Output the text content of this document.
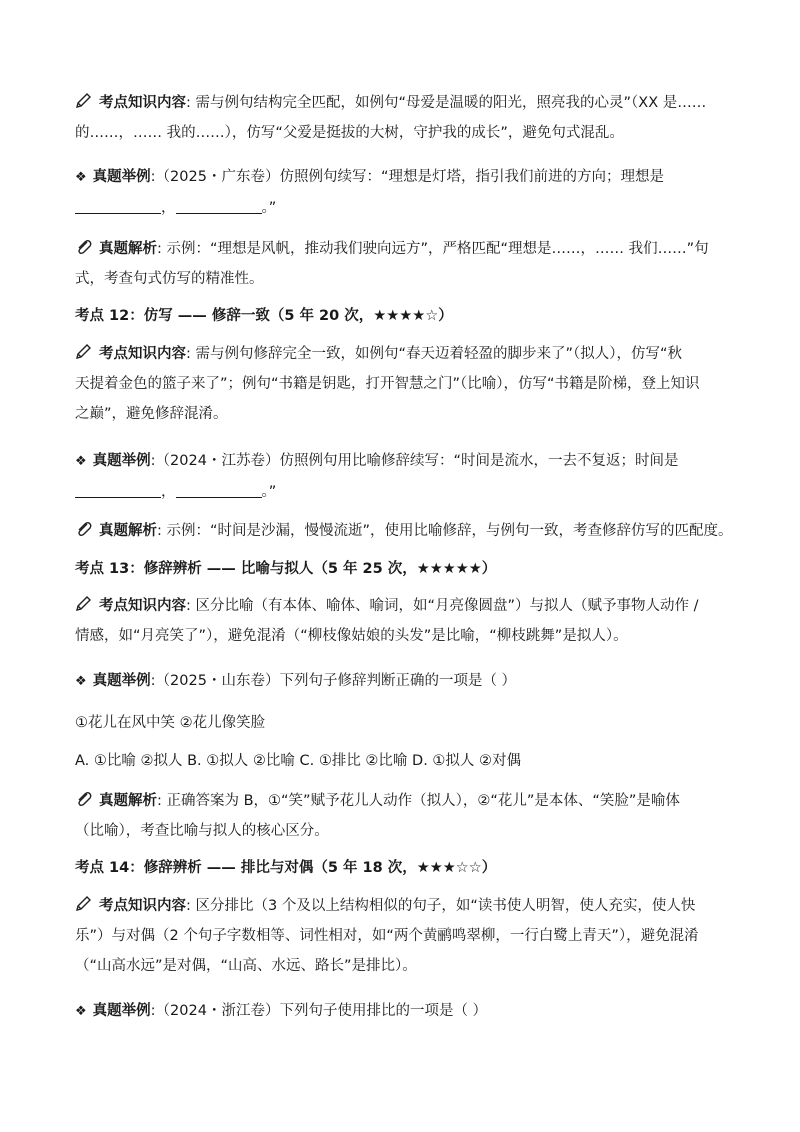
考点知识内容: 需与例句结构完全匹配，如例句“母爱是温暖的阳光，照亮我的心灵”（XX 是……
的……，…… 我的……），仿写“父爱是挺拔的大树，守护我的成长”，避免句式混乱。
❖ 真题举例:（2025・广东卷）仿照例句续写：“理想是灯塔，指引我们前进的方向；理想是
，	。”
真题解析: 示例：“理想是风帆，推动我们驶向远方”，严格匹配“理想是……，…… 我们……”句
式，考查句式仿写的精准性。
考点 12：仿写 —— 修辞一致（5 年 20 次，★★★★☆）
考点知识内容: 需与例句修辞完全一致，如例句“春天迈着轻盈的脚步来了”（拟人），仿写“秋
天提着金色的篮子来了”；例句“书籍是钥匙，打开智慧之门”（比喻），仿写“书籍是阶梯，登上知识
之巅”，避免修辞混淆。
❖ 真题举例:（2024・江苏卷）仿照例句用比喻修辞续写：“时间是流水，一去不复返；时间是
，	。”
真题解析: 示例：“时间是沙漏，慢慢流逝”，使用比喻修辞，与例句一致，考查修辞仿写的匹配度。
考点 13：修辞辨析 —— 比喻与拟人（5 年 25 次，★★★★★）
考点知识内容: 区分比喻（有本体、喻体、喻词，如“月亮像圆盘”）与拟人（赋予事物人动作 /
情感，如“月亮笑了”），避免混淆（“柳枝像姑娘的头发”是比喻，“柳枝跳舞”是拟人）。
❖ 真题举例:（2025・山东卷）下列句子修辞判断正确的一项是（ ）
①花儿在风中笑 ②花儿像笑脸
A. ①比喻 ②拟人 B. ①拟人 ②比喻 C. ①排比 ②比喻 D. ①拟人 ②对偶
真题解析: 正确答案为 B，①“笑”赋予花儿人动作（拟人），②“花儿”是本体、“笑脸”是喻体
（比喻），考查比喻与拟人的核心区分。
考点 14：修辞辨析 —— 排比与对偶（5 年 18 次，★★★☆☆）
考点知识内容: 区分排比（3 个及以上结构相似的句子，如“读书使人明智，使人充实，使人快
乐”）与对偶（2 个句子字数相等、词性相对，如“两个黄鹂鸣翠柳，一行白鹭上青天”），避免混淆
（“山高水远”是对偶，“山高、水远、路长”是排比）。
❖ 真题举例:（2024・浙江卷）下列句子使用排比的一项是（ ）
